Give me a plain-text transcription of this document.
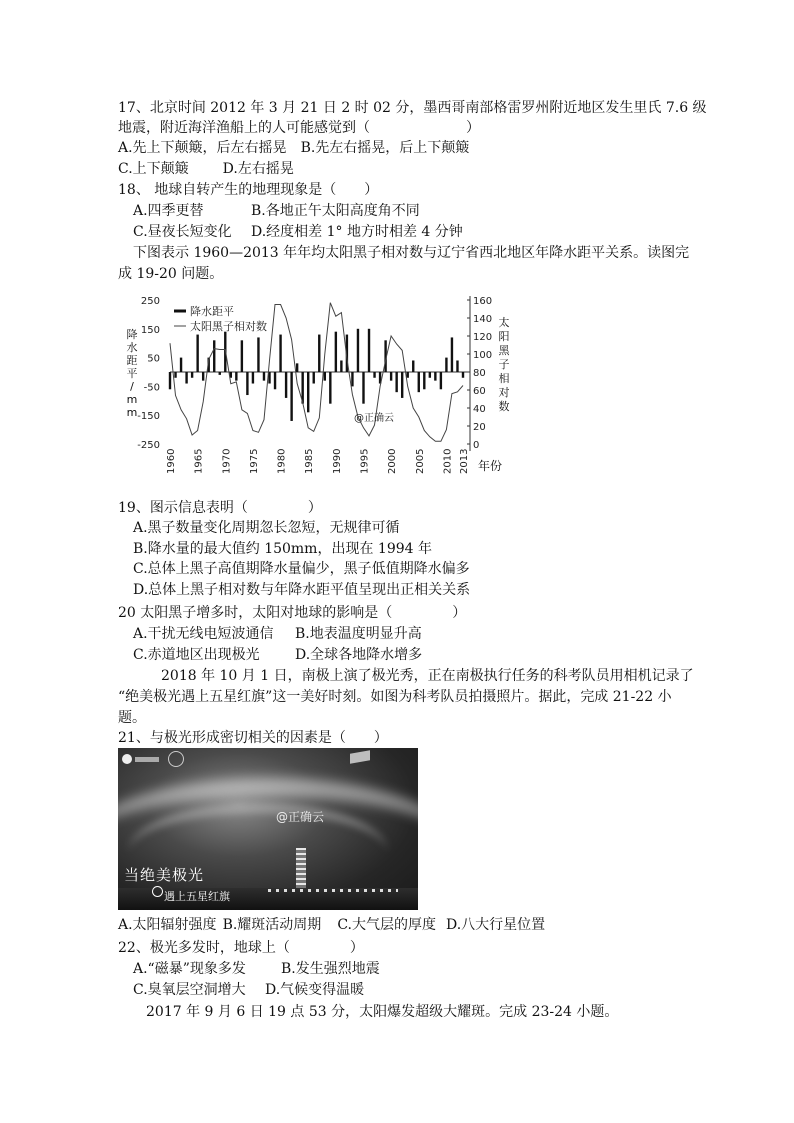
17、北京时间 2012 年 3 月 21 日 2 时 02 分，墨西哥南部格雷罗州附近地区发生里氏 7.6 级
地震，附近海洋渔船上的人可能感觉到（	）
A.先上下颠簸，后左右摇晃 B.先左右摇晃，后上下颠簸
C.上下颠簸 D.左右摇晃
18、 地球自转产生的地理现象是（　　）
A.四季更替	B.各地正午太阳高度角不同
C.昼夜长短变化 D.经度相差 1° 地方时相差 4 分钟
下图表示 1960—2013 年年均太阳黑子相对数与辽宁省西北地区年降水距平关系。读图完
成 19-20 问题。
降
水
距
平
/
m
m
太
阳
黑
子
相
对
数
250
150
50
-50
-150
-250
160
140
120
100
80
60
40
20
0
1960 1965 1970 1975 1980 1985 1990 1995 2000 2005 2010 2013
降水距平
太阳黑子相对数
@正确云
年份
19、图示信息表明（	）
A.黑子数量变化周期忽长忽短，无规律可循
B.降水量的最大值约 150mm，出现在 1994 年
C.总体上黑子高值期降水量偏少，黑子低值期降水偏多
D.总体上黑子相对数与年降水距平值呈现出正相关关系
20 太阳黑子增多时，太阳对地球的影响是（	）
A.干扰无线电短波通信 B.地表温度明显升高
C.赤道地区出现极光	D.全球各地降水增多
2018 年 10 月 1 日，南极上演了极光秀，正在南极执行任务的科考队员用相机记录了
“绝美极光遇上五星红旗”这一美好时刻。如图为科考队员拍摄照片。据此，完成 21-22 小
题。
21、与极光形成密切相关的因素是（　　）
@正确云
当绝美极光
遇上五星红旗
A.太阳辐射强度 B.耀斑活动周期 C.大气层的厚度 D.八大行星位置
22、极光多发时，地球上（	）
A.“磁暴”现象多发	B.发生强烈地震
C.臭氧层空洞增大 D.气候变得温暖
2017 年 9 月 6 日 19 点 53 分，太阳爆发超级大耀斑。完成 23-24 小题。
